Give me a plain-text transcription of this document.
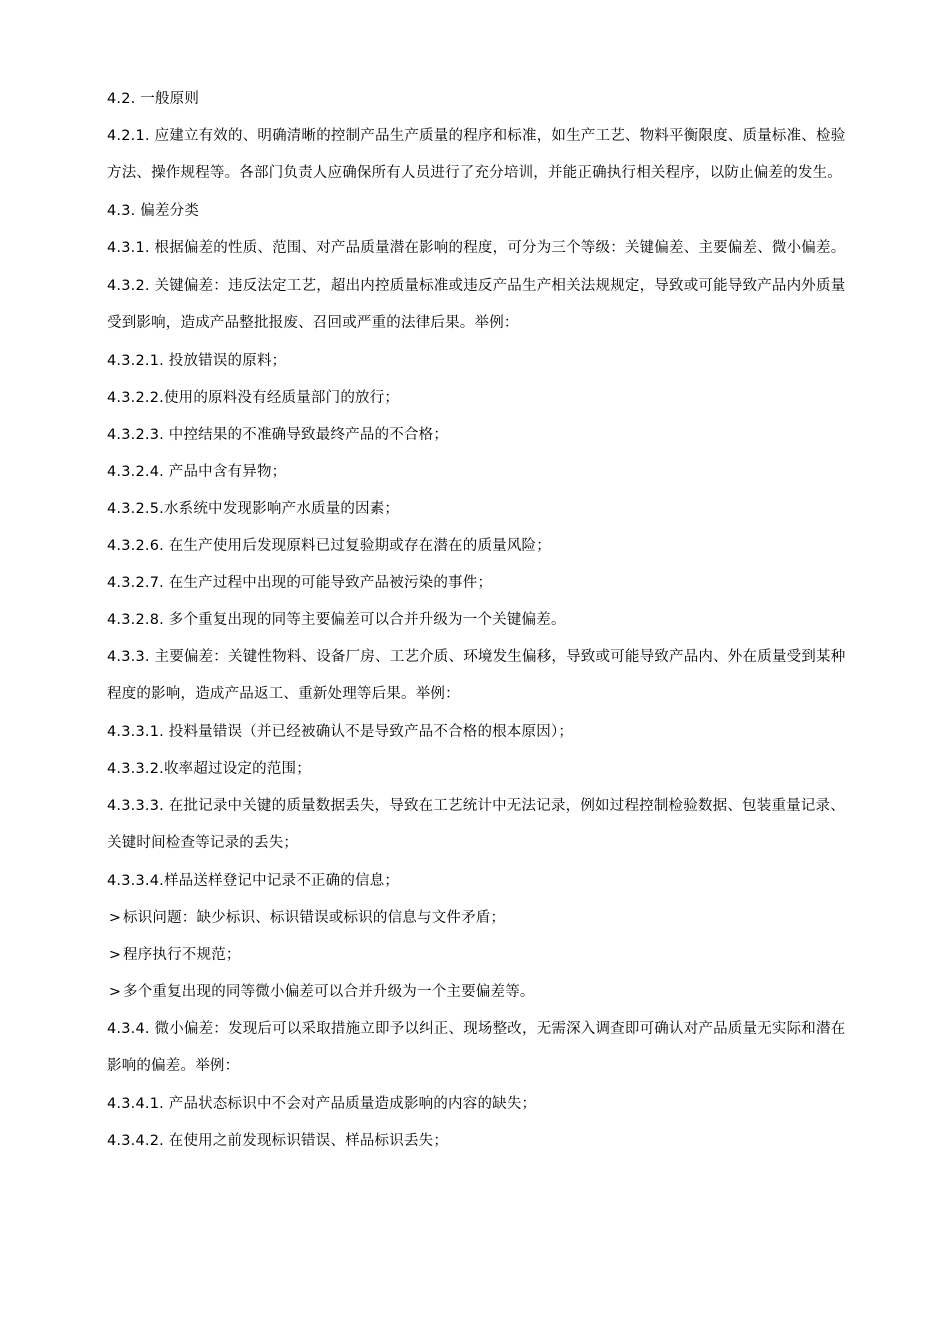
4.2. 一般原则

4.2.1. 应建立有效的、明确清晰的控制产品生产质量的程序和标准，如生产工艺、物料平衡限度、质量标准、检验方法、操作规程等。各部门负责人应确保所有人员进行了充分培训，并能正确执行相关程序，以防止偏差的发生。

4.3. 偏差分类

4.3.1. 根据偏差的性质、范围、对产品质量潜在影响的程度，可分为三个等级：关键偏差、主要偏差、微小偏差。

4.3.2. 关键偏差：违反法定工艺，超出内控质量标准或违反产品生产相关法规规定，导致或可能导致产品内外质量受到影响，造成产品整批报废、召回或严重的法律后果。举例：

4.3.2.1. 投放错误的原料；

4.3.2.2.使用的原料没有经质量部门的放行；

4.3.2.3. 中控结果的不准确导致最终产品的不合格；

4.3.2.4. 产品中含有异物；

4.3.2.5.水系统中发现影响产水质量的因素；

4.3.2.6. 在生产使用后发现原料已过复验期或存在潜在的质量风险；

4.3.2.7. 在生产过程中出现的可能导致产品被污染的事件；

4.3.2.8. 多个重复出现的同等主要偏差可以合并升级为一个关键偏差。

4.3.3. 主要偏差：关键性物料、设备厂房、工艺介质、环境发生偏移，导致或可能导致产品内、外在质量受到某种程度的影响，造成产品返工、重新处理等后果。举例：

4.3.3.1. 投料量错误（并已经被确认不是导致产品不合格的根本原因）；

4.3.3.2.收率超过设定的范围；

4.3.3.3. 在批记录中关键的质量数据丢失，导致在工艺统计中无法记录，例如过程控制检验数据、包装重量记录、关键时间检查等记录的丢失；

4.3.3.4.样品送样登记中记录不正确的信息；

> 标识问题：缺少标识、标识错误或标识的信息与文件矛盾；

> 程序执行不规范；

> 多个重复出现的同等微小偏差可以合并升级为一个主要偏差等。

4.3.4. 微小偏差：发现后可以采取措施立即予以纠正、现场整改，无需深入调查即可确认对产品质量无实际和潜在影响的偏差。举例：

4.3.4.1. 产品状态标识中不会对产品质量造成影响的内容的缺失；

4.3.4.2. 在使用之前发现标识错误、样品标识丢失；
